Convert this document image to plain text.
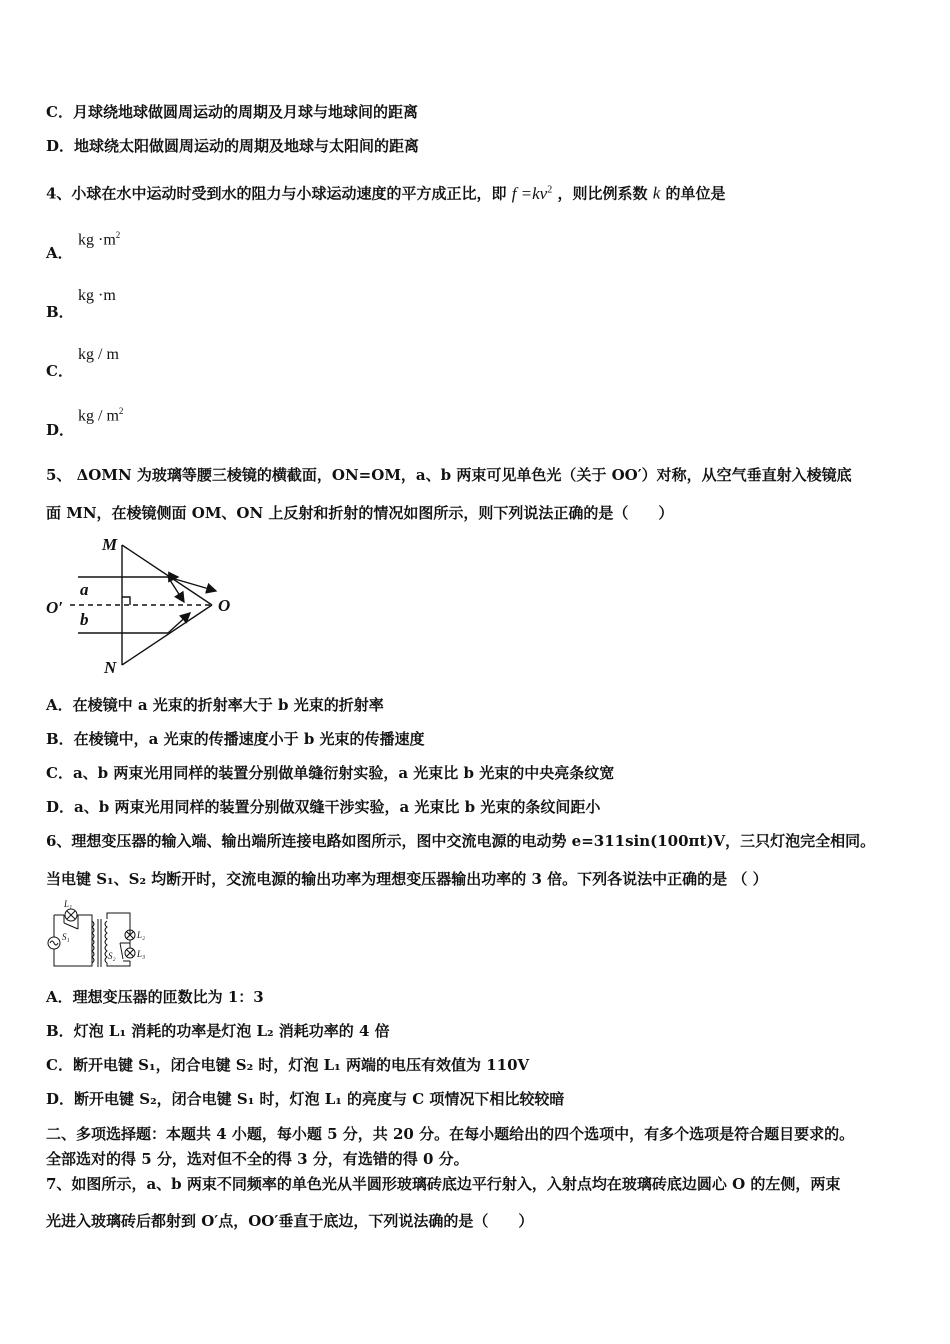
C．月球绕地球做圆周运动的周期及月球与地球间的距离
D．地球绕太阳做圆周运动的周期及地球与太阳间的距离
4、小球在水中运动时受到水的阻力与小球运动速度的平方成正比，即 $f =kv^2$ ，则比例系数 k 的单位是
A．
kg $\cdot m^2$
B．
kg ·m
C．
kg / m
D．
kg / $m^2$
5、 ΔOMN 为玻璃等腰三棱镜的横截面，ON=OM，a、b 两束可见单色光（关于 OO′）对称，从空气垂直射入棱镜底
面 MN，在棱镜侧面 OM、ON 上反射和折射的情况如图所示，则下列说法正确的是（　　）
M
N
O
O′
a
b
A．在棱镜中 a 光束的折射率大于 b 光束的折射率
B．在棱镜中，a 光束的传播速度小于 b 光束的传播速度
C．a、b 两束光用同样的装置分别做单缝衍射实验，a 光束比 b 光束的中央亮条纹宽
D．a、b 两束光用同样的装置分别做双缝干涉实验，a 光束比 b 光束的条纹间距小
6、理想变压器的输入端、输出端所连接电路如图所示，图中交流电源的电动势 e=311sin(100πt)V，三只灯泡完全相同。
当电键 S₁、S₂ 均断开时，交流电源的输出功率为理想变压器输出功率的 3 倍。下列各说法中正确的是 （ ）
L₁
S₁	L₂
S₂ L₃
A．理想变压器的匝数比为 1：3
B．灯泡 L₁ 消耗的功率是灯泡 L₂ 消耗功率的 4 倍
C．断开电键 S₁，闭合电键 S₂ 时，灯泡 L₁ 两端的电压有效值为 110V
D．断开电键 S₂，闭合电键 S₁ 时，灯泡 L₁ 的亮度与 C 项情况下相比较较暗
二、多项选择题：本题共 4 小题，每小题 5 分，共 20 分。在每小题给出的四个选项中，有多个选项是符合题目要求的。
全部选对的得 5 分，选对但不全的得 3 分，有选错的得 0 分。
7、如图所示，a、b 两束不同频率的单色光从半圆形玻璃砖底边平行射入，入射点均在玻璃砖底边圆心 O 的左侧，两束
光进入玻璃砖后都射到 O′点，OO′垂直于底边，下列说法确的是（　　）
